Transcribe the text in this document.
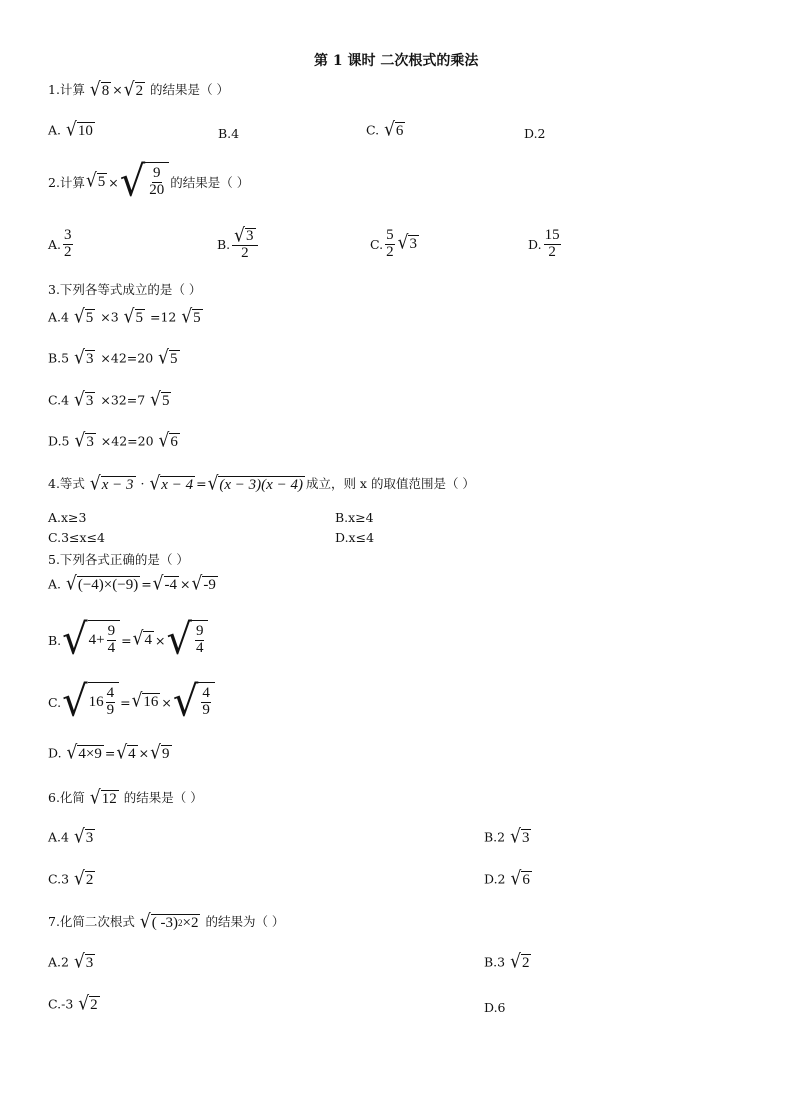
第 1 课时 二次根式的乘法
1.计算 √ 8 × √ 2 的结果是（ ）
A. √ 10	B.4	C. √ 6	D.2
2.计算 √ 5 × √ $\frac{9}{20}$ 的结果是 （ ）
A. $\frac{3}{2}$	B. $\frac{√ 3}{2}$	C. $\frac{5}{2}$ √ 3	D. $\frac{15}{2}$
3.下列各等式成立的是（ ）
A.4 √ 5 ×3 √ 5 =12 √ 5
B.5 √ 3 ×42=20 √ 5
C.4 √ 3 ×32=7 √ 5
D.5 √ 3 ×42=20 √ 6
4.等式 √ x − 3 · √ x − 4 = √ (x − 3)(x − 4) 成立，则 x 的取值范围是（ ）
A.x≥3	B.x≥4
C.3≤x≤4	D.x≤4
5.下列各式正确的是（ ）
A. √ (−4)×(−9) = √ -4 × √ -9
B. √ $4+ \frac{9}{4}$ = √ 4 × √ $\frac{9}{4}$
C. √ $16 \frac{4}{9}$ = √ 16 × √ $\frac{4}{9}$
D. √ 4×9 = √ 4 × √ 9
6.化简 √ 12 的结果是（ ）
A.4 √ 3	B.2 √ 3
C.3 √ 2	D.2 √ 6
7.化简二次根式 √ ( -3) 2 ×2 的结果为（ ）
A.2 √ 3	B.3 √ 2
C.-3 √ 2	D.6
